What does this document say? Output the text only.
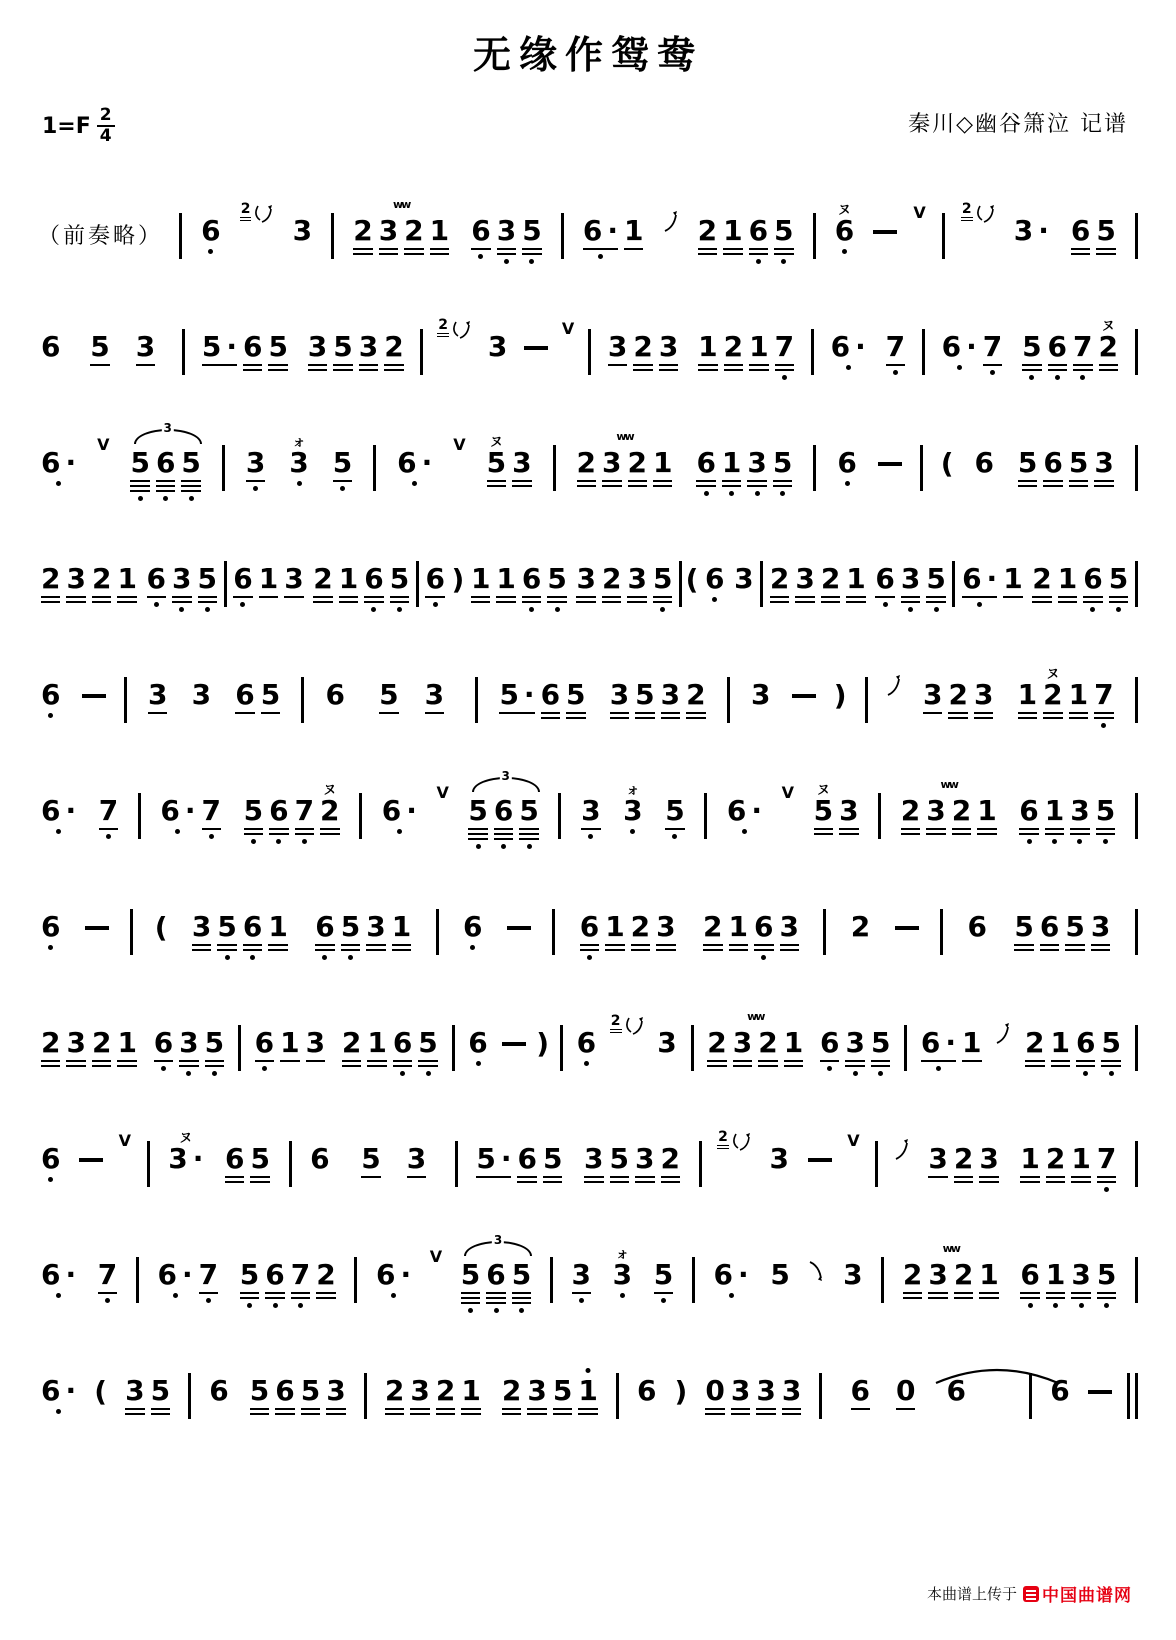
无缘作鸳鸯
$1=F \frac{2}{4}$	秦川◇幽谷箫泣 记谱
（前奏略） 6
2
3
ww
2 3 2 1 6 3 5 6 · 1 2 1 6 5
ヌ
6
V	2
3 · 6 5
6 5 3 5 · 6 5 3 5 3 2
2
3
V
3 2 3 1 2 1 7 6 · 7 6 · 7 5 6 7
ヌ
2
6 ·
V
3
5 6 5 3
ォ
3 5 6 ·
V ヌ
5 3
ww
2 3 2 1 6 1 3 5 6	( 6 5 6 5 3
2 3 2 1 6 3 5 6 1 3 2 1 6 5 6 ) 1 1 6 5 3 2 3 5 ( 6 3 2 3 2 1 6 3 5 6 · 1 2 1 6 5
6	3 3 6 5 6 5 3 5 · 6 5 3 5 3 2 3 )	3 2 3 1
ヌ
2 1 7
6 · 7 6 · 7 5 6 7
ヌ
2 6 ·
V
3
5 6 5 3
ォ
3 5 6 ·
V ヌ
5 3
ww
2 3 2 1 6 1 3 5
6	( 3 5 6 1 6 5 3 1 6	6 1 2 3 2 1 6 3 2	6 5 6 5 3
2 3 2 1 6 3 5 6 1 3 2 1 6 5 6 ) 6
2
3
ww
2 3 2 1 6 3 5 6 · 1 2 1 6 5
6
V	ヌ
3 · 6 5 6 5 3 5 · 6 5 3 5 3 2
2
3
V
3 2 3 1 2 1 7
6 · 7 6 · 7 5 6 7 2 6 ·
V
3
5 6 5 3
ォ
3 5 6 · 5 3
ww
2 3 2 1 6 1 3 5
6 · ( 3 5 6 5 6 5 3 2 3 2 1 2 3 5 1 6 ) 0 3 3 3 6 0 6	6
本曲谱上传于 中国曲谱网
